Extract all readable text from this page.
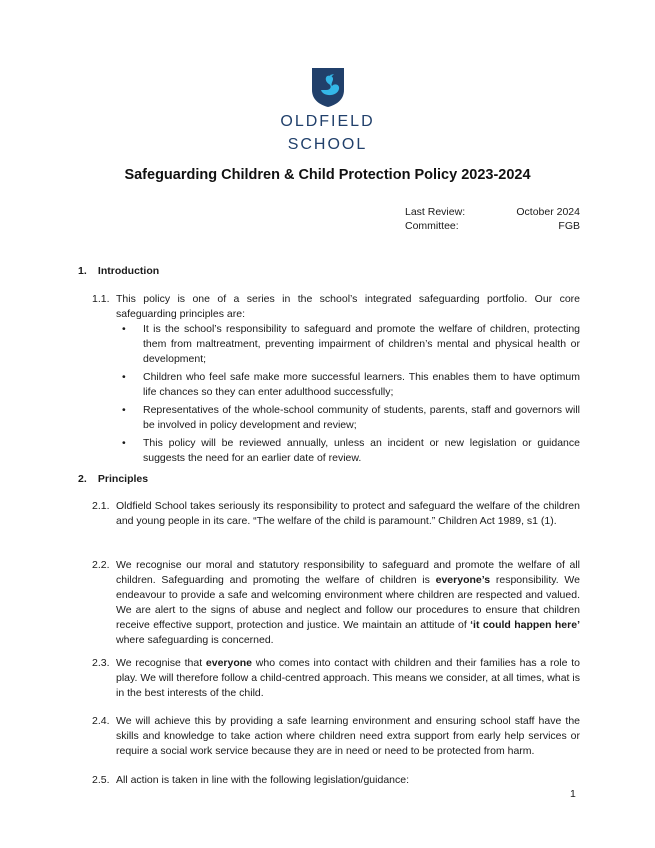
OLDFIELD
SCHOOL
Safeguarding Children & Child Protection Policy 2023-2024
Last Review:	October 2024
Committee:	FGB
1. Introduction
1.1. This policy is one of a series in the school’s integrated safeguarding portfolio. Our core safeguarding principles are:
• It is the school’s responsibility to safeguard and promote the welfare of children, protecting them from maltreatment, preventing impairment of children’s mental and physical health or development;
• Children who feel safe make more successful learners. This enables them to have optimum life chances so they can enter adulthood successfully;
• Representatives of the whole-school community of students, parents, staff and governors will be involved in policy development and review;
• This policy will be reviewed annually, unless an incident or new legislation or guidance suggests the need for an earlier date of review.
2. Principles
2.1. Oldfield School takes seriously its responsibility to protect and safeguard the welfare of the children and young people in its care. “The welfare of the child is paramount.” Children Act 1989, s1 (1).
2.2. We recognise our moral and statutory responsibility to safeguard and promote the welfare of all children. Safeguarding and promoting the welfare of children is everyone’s responsibility. We endeavour to provide a safe and welcoming environment where children are respected and valued. We are alert to the signs of abuse and neglect and follow our procedures to ensure that children receive effective support, protection and justice. We maintain an attitude of ‘it could happen here’ where safeguarding is concerned.
2.3. We recognise that everyone who comes into contact with children and their families has a role to play. We will therefore follow a child-centred approach. This means we consider, at all times, what is in the best interests of the child.
2.4. We will achieve this by providing a safe learning environment and ensuring school staff have the skills and knowledge to take action where children need extra support from early help services or require a social work service because they are in need or need to be protected from harm.
2.5. All action is taken in line with the following legislation/guidance:
1
